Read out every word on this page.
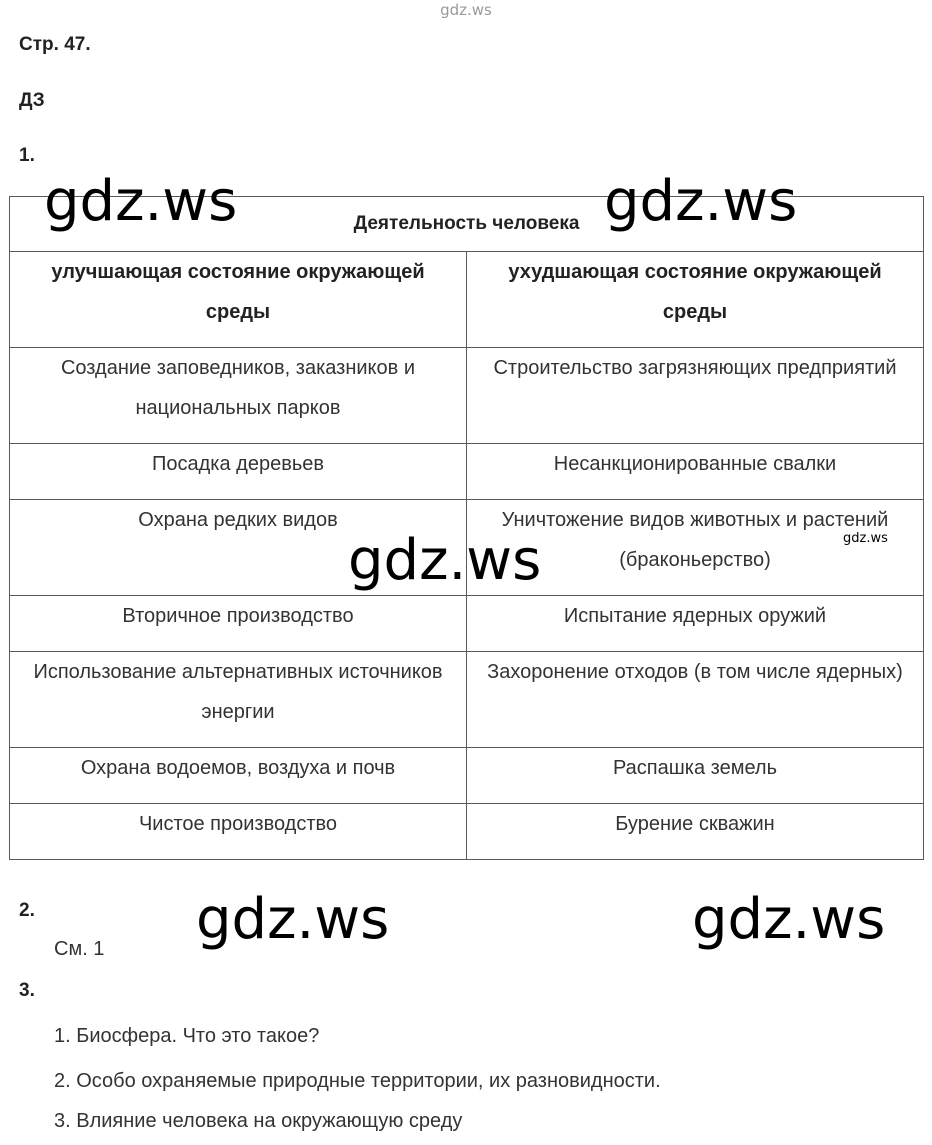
gdz.ws
Стр. 47.
ДЗ
1.
Деятельность человека	
улучшающая состояние окружающей среды	ухудшающая состояние окружающей среды
Создание заповедников, заказников и национальных парков	Строительство загрязняющих предприятий
Посадка деревьев	Несанкционированные свалки
Охрана редких видов	Уничтожение видов животных и растений (браконьерство)
Вторичное производство	Испытание ядерных оружий
Использование альтернативных источников энергии	Захоронение отходов (в том числе ядерных)
Охрана водоемов, воздуха и почв	Распашка земель
Чистое производство	Бурение скважин
2.
См. 1
3.
1. Биосфера. Что это такое?
2. Особо охраняемые природные территории, их разновидности.
3. Влияние человека на окружающую среду
gdz.ws	gdz.ws
gdz.ws
gdz.ws	gdz.ws
gdz.ws
